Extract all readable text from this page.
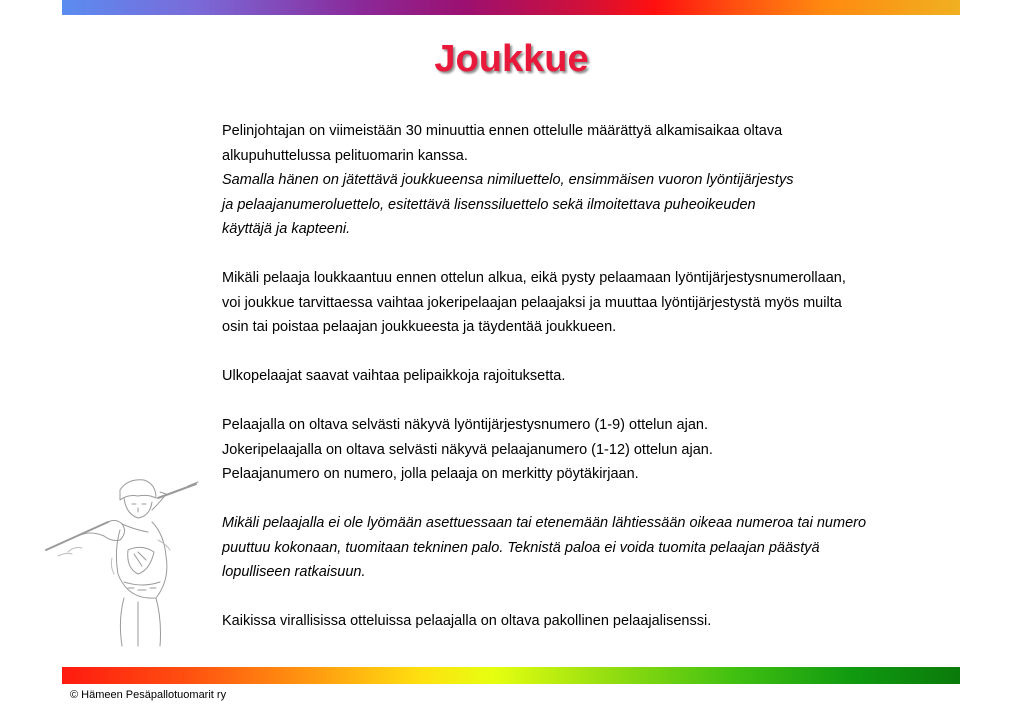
Joukkue

Pelinjohtajan on viimeistään 30 minuuttia ennen ottelulle määrättyä alkamisaikaa oltava

alkupuhuttelussa pelituomarin kanssa.

Samalla hänen on jätettävä joukkueensa nimiluettelo, ensimmäisen vuoron lyöntijärjestys

ja pelaajanumeroluettelo, esitettävä lisenssiluettelo sekä ilmoitettava puheoikeuden

käyttäjä ja kapteeni.

Mikäli pelaaja loukkaantuu ennen ottelun alkua, eikä pysty pelaamaan lyöntijärjestysnumerollaan,

voi joukkue tarvittaessa vaihtaa jokeripelaajan pelaajaksi ja muuttaa lyöntijärjestystä myös muilta

osin tai poistaa pelaajan joukkueesta ja täydentää joukkueen.

Ulkopelaajat saavat vaihtaa pelipaikkoja rajoituksetta.

Pelaajalla on oltava selvästi näkyvä lyöntijärjestysnumero (1-9) ottelun ajan.

Jokeripelaajalla on oltava selvästi näkyvä pelaajanumero (1-12) ottelun ajan.

Pelaajanumero on numero, jolla pelaaja on merkitty pöytäkirjaan.

Mikäli pelaajalla ei ole lyömään asettuessaan tai etenemään lähtiessään oikeaa numeroa tai numero

puuttuu kokonaan, tuomitaan tekninen palo. Teknistä paloa ei voida tuomita pelaajan päästyä

lopulliseen ratkaisuun.

Kaikissa virallisissa otteluissa pelaajalla on oltava pakollinen pelaajalisenssi.

© Hämeen Pesäpallotuomarit ry
